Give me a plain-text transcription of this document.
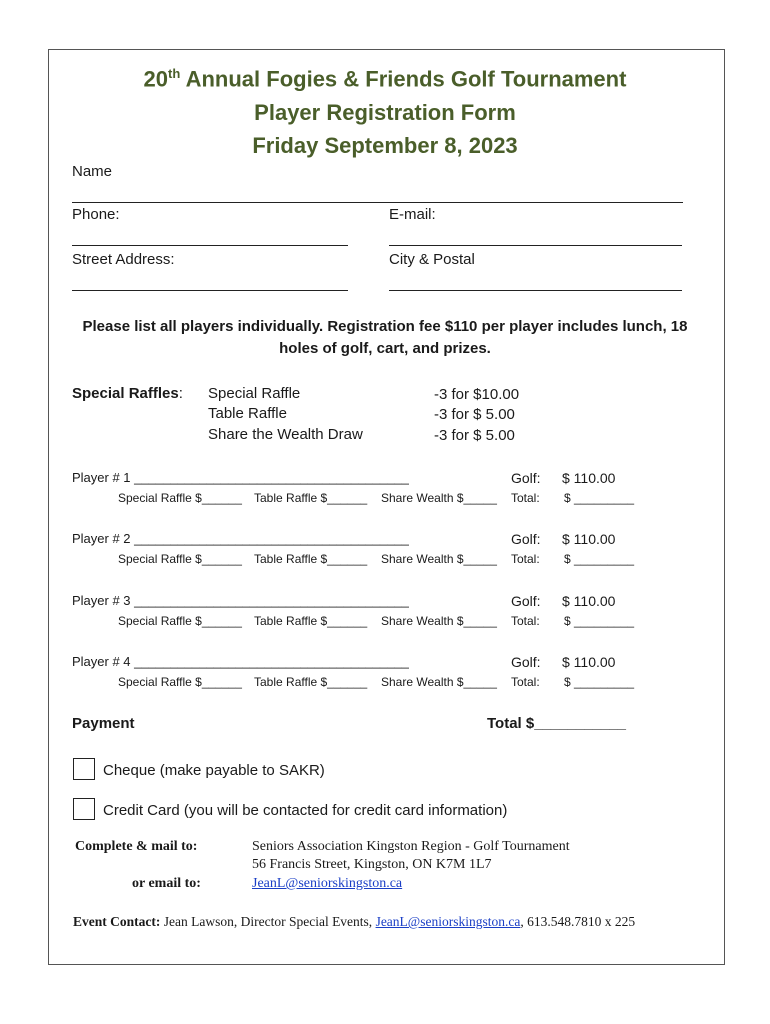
20th Annual Fogies & Friends Golf Tournament
Player Registration Form
Friday September 8, 2023
Name
Phone:	E-mail:
Street Address:	City & Postal
Please list all players individually. Registration fee $110 per player includes lunch, 18 holes of golf, cart, and prizes.
Special Raffles: Special Raffle	-3 for $10.00
Table Raffle	-3 for $ 5.00
Share the Wealth Draw	-3 for $ 5.00
Player # 1 ______________________________________	Golf: $ 110.00
Special Raffle $______ Table Raffle $______ Share Wealth $_____ Total: $ _________
Player # 2 ______________________________________	Golf: $ 110.00
Special Raffle $______ Table Raffle $______ Share Wealth $_____ Total: $ _________
Player # 3 ______________________________________	Golf: $ 110.00
Special Raffle $______ Table Raffle $______ Share Wealth $_____ Total: $ _________
Player # 4 ______________________________________	Golf: $ 110.00
Special Raffle $______ Table Raffle $______ Share Wealth $_____ Total: $ _________
Payment	Total $___________
Cheque (make payable to SAKR)
Credit Card (you will be contacted for credit card information)
Complete & mail to:	Seniors Association Kingston Region - Golf Tournament
56 Francis Street, Kingston, ON K7M 1L7
or email to:	JeanL@seniorskingston.ca
Event Contact: Jean Lawson, Director Special Events, JeanL@seniorskingston.ca, 613.548.7810 x 225
